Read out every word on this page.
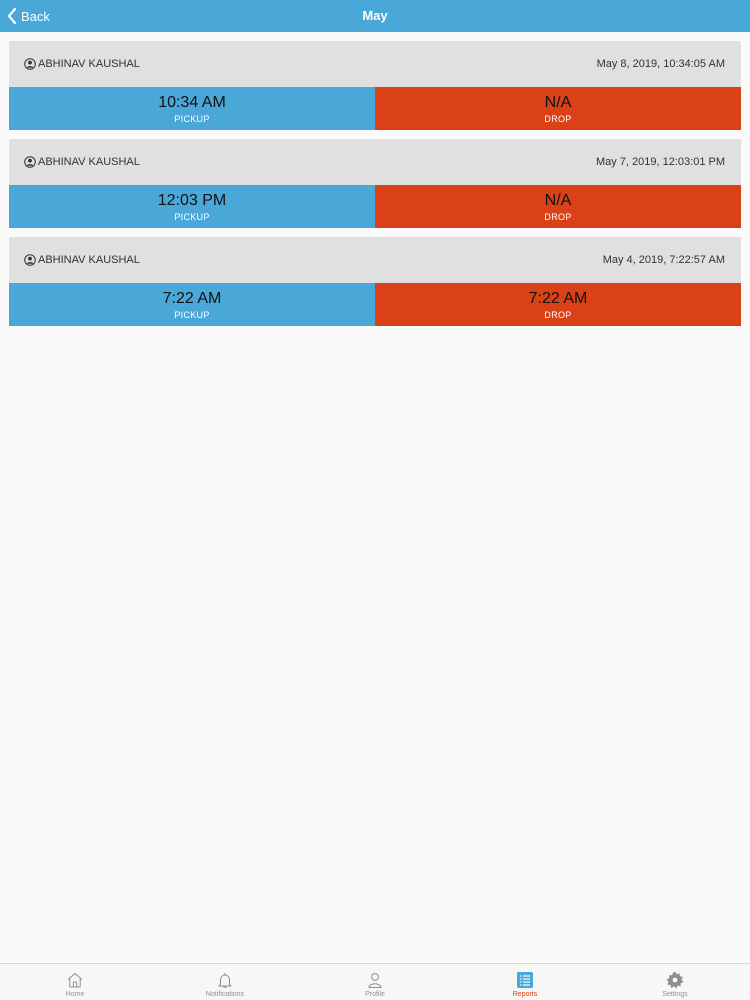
Back	May
ABHINAV KAUSHAL	May 8, 2019, 10:34:05 AM
10:34 AM
PICKUP
N/A
DROP
ABHINAV KAUSHAL	May 7, 2019, 12:03:01 PM
12:03 PM
PICKUP
N/A
DROP
ABHINAV KAUSHAL	May 4, 2019, 7:22:57 AM
7:22 AM
PICKUP
7:22 AM
DROP
Home	Notifications	Profile	Reports	Settings
